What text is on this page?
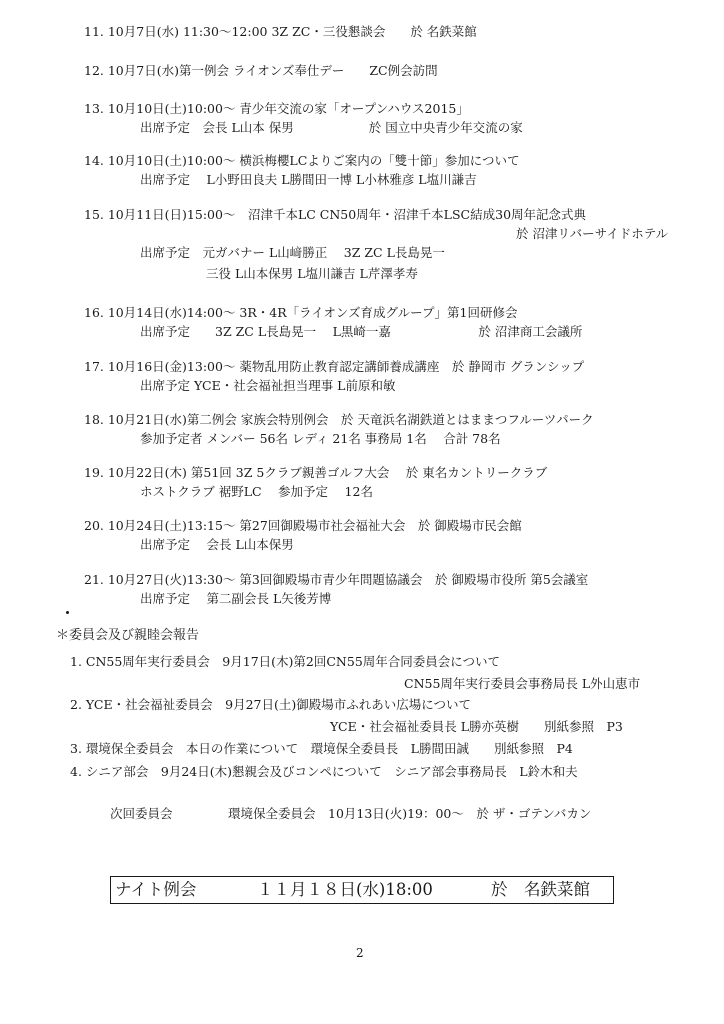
11. 10月7日(水) 11:30～12:00 3Z ZC・三役懇談会　　於 名鉄菜館
12. 10月7日(水)第一例会 ライオンズ奉仕デー　　ZC例会訪問
13. 10月10日(土)10:00～ 青少年交流の家「オープンハウス2015」
出席予定　会長 L山本 保男　　　　　　於 国立中央青少年交流の家
14. 10月10日(土)10:00～ 横浜梅櫻LCよりご案内の「雙十節」参加について
出席予定　 L小野田良夫 L勝間田一博 L小林雅彦 L塩川謙吉
15. 10月11日(日)15:00～　沼津千本LC CN50周年・沼津千本LSC結成30周年記念式典
於 沼津リバーサイドホテル
出席予定　元ガバナー L山﨑勝正　 3Z ZC L長島晃一
三役 L山本保男 L塩川謙吉 L芹澤孝寿
16. 10月14日(水)14:00～ 3R・4R「ライオンズ育成グループ」第1回研修会
出席予定　　3Z ZC L長島晃一　 L黒崎一嘉　　　　　　　於 沼津商工会議所
17. 10月16日(金)13:00～ 薬物乱用防止教育認定講師養成講座　於 静岡市 グランシップ
出席予定 YCE・社会福祉担当理事 L前原和敏
18. 10月21日(水)第二例会 家族会特別例会　於 天竜浜名湖鉄道とはままつフルーツパーク
参加予定者 メンバー 56名 レディ 21名 事務局 1名　 合計 78名
19. 10月22日(木) 第51回 3Z 5クラブ親善ゴルフ大会　 於 東名カントリークラブ
ホストクラブ 裾野LC　 参加予定　 12名
20. 10月24日(土)13:15～ 第27回御殿場市社会福祉大会　於 御殿場市民会館
出席予定　 会長 L山本保男
21. 10月27日(火)13:30～ 第3回御殿場市青少年問題協議会　於 御殿場市役所 第5会議室
出席予定　 第二副会長 L矢後芳博
＊委員会及び親睦会報告
1. CN55周年実行委員会　9月17日(木)第2回CN55周年合同委員会について
CN55周年実行委員会事務局長 L外山恵市
2. YCE・社会福祉委員会　9月27日(土)御殿場市ふれあい広場について
YCE・社会福祉委員長 L勝亦英樹　　別紙参照　P3
3. 環境保全委員会　本日の作業について　環境保全委員長　L勝間田誠　　別紙参照　P4
4. シニア部会　9月24日(木)懇親会及びコンペについて　シニア部会事務局長　L鈴木和夫
次回委員会	環境保全委員会　10月13日(火)19：00～　於 ザ・ゴテンバカン
ナイト例会	１１月１８日(水)18:00	於　名鉄菜館
2
